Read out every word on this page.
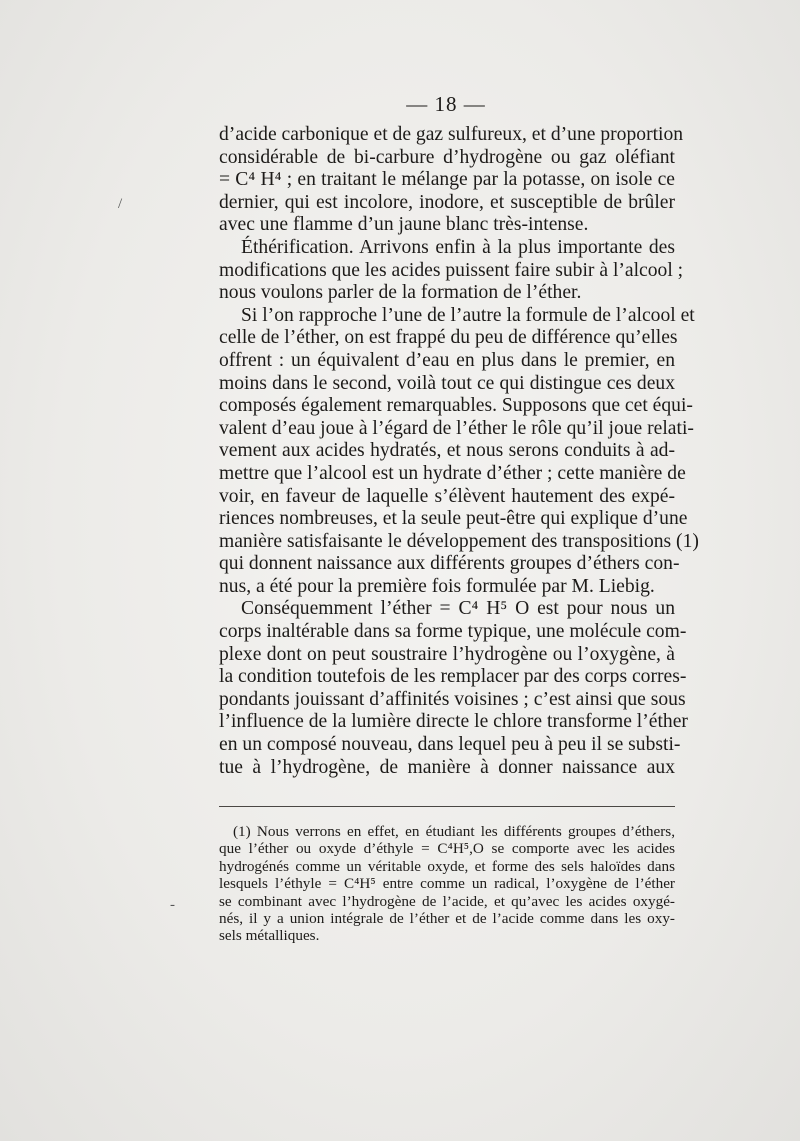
— 18 —
/
-
d’acide carbonique et de gaz sulfureux, et d’une proportion
considérable de bi-carbure d’hydrogène ou gaz oléfiant
= C⁴ H⁴ ; en traitant le mélange par la potasse, on isole ce
dernier, qui est incolore, inodore, et susceptible de brûler
avec une flamme d’un jaune blanc très-intense.
Éthérification. Arrivons enfin à la plus importante des
modifications que les acides puissent faire subir à l’alcool ;
nous voulons parler de la formation de l’éther.
Si l’on rapproche l’une de l’autre la formule de l’alcool et
celle de l’éther, on est frappé du peu de différence qu’elles
offrent : un équivalent d’eau en plus dans le premier, en
moins dans le second, voilà tout ce qui distingue ces deux
composés également remarquables. Supposons que cet équi-
valent d’eau joue à l’égard de l’éther le rôle qu’il joue relati-
vement aux acides hydratés, et nous serons conduits à ad-
mettre que l’alcool est un hydrate d’éther ; cette manière de
voir, en faveur de laquelle s’élèvent hautement des expé-
riences nombreuses, et la seule peut-être qui explique d’une
manière satisfaisante le développement des transpositions (1)
qui donnent naissance aux différents groupes d’éthers con-
nus, a été pour la première fois formulée par M. Liebig.
Conséquemment l’éther = C⁴ H⁵ O est pour nous un
corps inaltérable dans sa forme typique, une molécule com-
plexe dont on peut soustraire l’hydrogène ou l’oxygène, à
la condition toutefois de les remplacer par des corps corres-
pondants jouissant d’affinités voisines ; c’est ainsi que sous
l’influence de la lumière directe le chlore transforme l’éther
en un composé nouveau, dans lequel peu à peu il se substi-
tue à l’hydrogène, de manière à donner naissance aux
(1) Nous verrons en effet, en étudiant les différents groupes d’éthers,
que l’éther ou oxyde d’éthyle = C⁴H⁵,O se comporte avec les acides
hydrogénés comme un véritable oxyde, et forme des sels haloïdes dans
lesquels l’éthyle = C⁴H⁵ entre comme un radical, l’oxygène de l’éther
se combinant avec l’hydrogène de l’acide, et qu’avec les acides oxygé-
nés, il y a union intégrale de l’éther et de l’acide comme dans les oxy-
sels métalliques.
